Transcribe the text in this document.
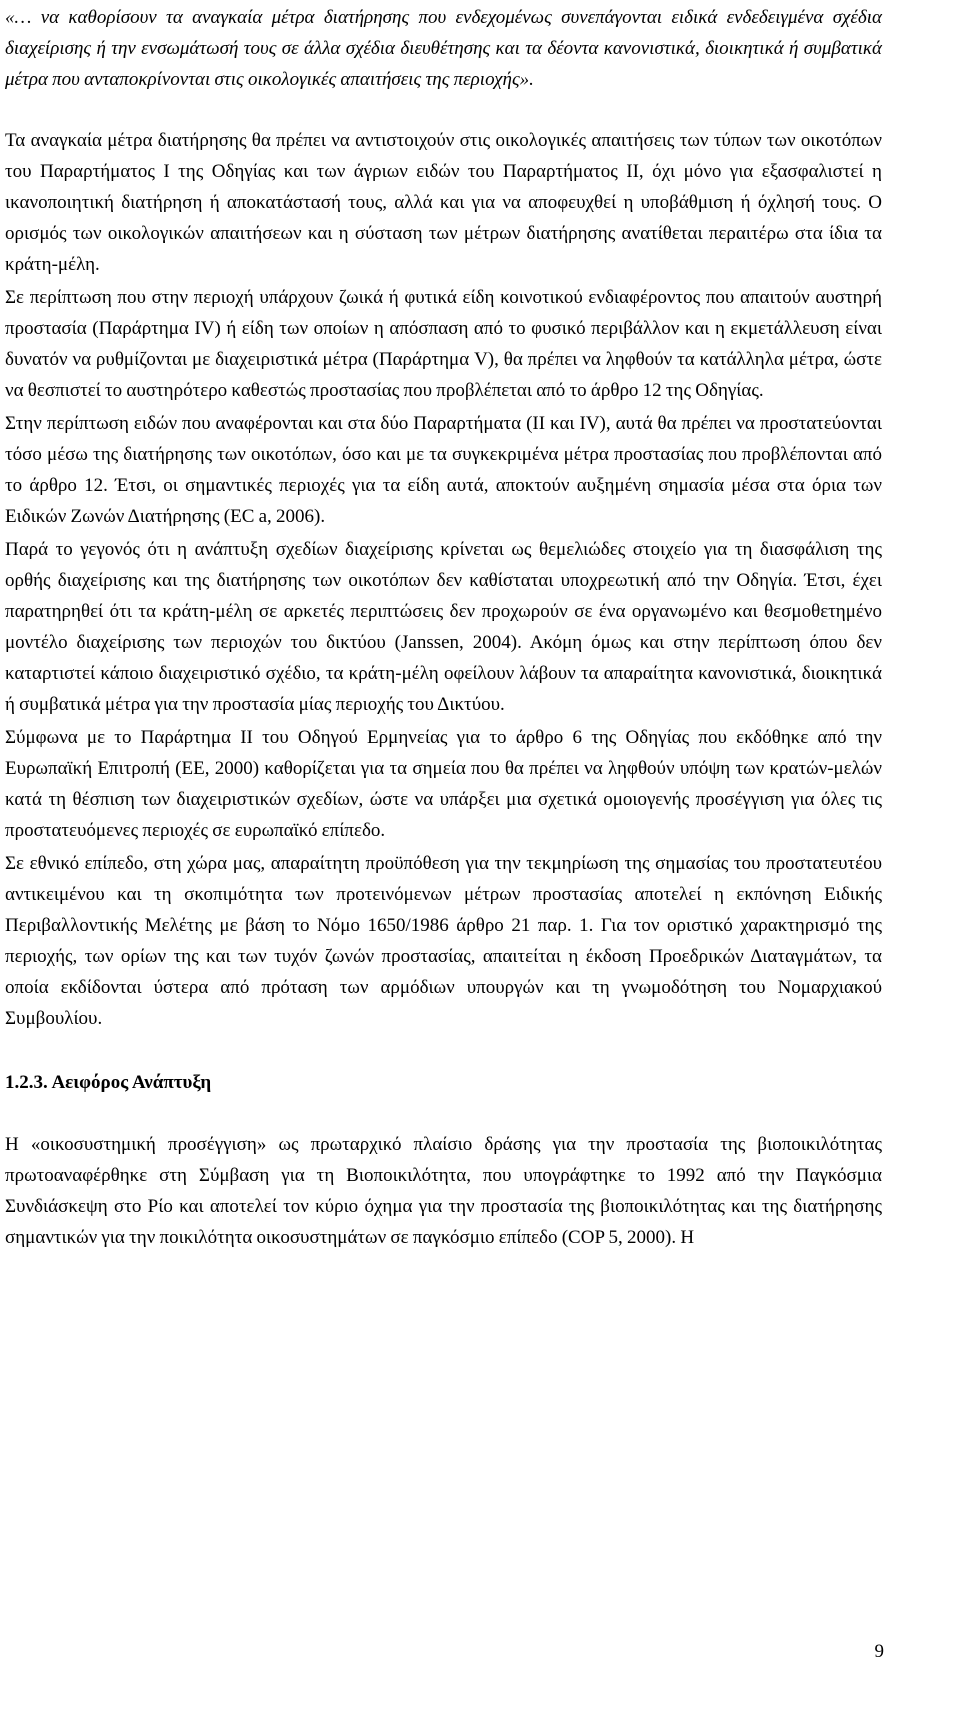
«… να καθορίσουν τα αναγκαία μέτρα διατήρησης που ενδεχομένως συνεπάγονται ειδικά ενδεδειγμένα σχέδια διαχείρισης ή την ενσωμάτωσή τους σε άλλα σχέδια διευθέτησης και τα δέοντα κανονιστικά, διοικητικά ή συμβατικά μέτρα που ανταποκρίνονται στις οικολογικές απαιτήσεις της περιοχής».

Τα αναγκαία μέτρα διατήρησης θα πρέπει να αντιστοιχούν στις οικολογικές απαιτήσεις των τύπων των οικοτόπων του Παραρτήματος I της Οδηγίας και των άγριων ειδών του Παραρτήματος II, όχι μόνο για εξασφαλιστεί η ικανοποιητική διατήρηση ή αποκατάστασή τους, αλλά και για να αποφευχθεί η υποβάθμιση ή όχλησή τους. Ο ορισμός των οικολογικών απαιτήσεων και η σύσταση των μέτρων διατήρησης ανατίθεται περαιτέρω στα ίδια τα κράτη-μέλη.

Σε περίπτωση που στην περιοχή υπάρχουν ζωικά ή φυτικά είδη κοινοτικού ενδιαφέροντος που απαιτούν αυστηρή προστασία (Παράρτημα IV) ή είδη των οποίων η απόσπαση από το φυσικό περιβάλλον και η εκμετάλλευση είναι δυνατόν να ρυθμίζονται με διαχειριστικά μέτρα (Παράρτημα V), θα πρέπει να ληφθούν τα κατάλληλα μέτρα, ώστε να θεσπιστεί το αυστηρότερο καθεστώς προστασίας που προβλέπεται από το άρθρο 12 της Οδηγίας.

Στην περίπτωση ειδών που αναφέρονται και στα δύο Παραρτήματα (II και IV), αυτά θα πρέπει να προστατεύονται τόσο μέσω της διατήρησης των οικοτόπων, όσο και με τα συγκεκριμένα μέτρα προστασίας που προβλέπονται από το άρθρο 12. Έτσι, οι σημαντικές περιοχές για τα είδη αυτά, αποκτούν αυξημένη σημασία μέσα στα όρια των Ειδικών Ζωνών Διατήρησης (EC a, 2006).

Παρά το γεγονός ότι η ανάπτυξη σχεδίων διαχείρισης κρίνεται ως θεμελιώδες στοιχείο για τη διασφάλιση της ορθής διαχείρισης και της διατήρησης των οικοτόπων δεν καθίσταται υποχρεωτική από την Οδηγία. Έτσι, έχει παρατηρηθεί ότι τα κράτη-μέλη σε αρκετές περιπτώσεις δεν προχωρούν σε ένα οργανωμένο και θεσμοθετημένο μοντέλο διαχείρισης των περιοχών του δικτύου (Janssen, 2004). Ακόμη όμως και στην περίπτωση όπου δεν καταρτιστεί κάποιο διαχειριστικό σχέδιο, τα κράτη-μέλη οφείλουν λάβουν τα απαραίτητα κανονιστικά, διοικητικά ή συμβατικά μέτρα για την προστασία μίας περιοχής του Δικτύου.

Σύμφωνα με το Παράρτημα ΙΙ του Οδηγού Ερμηνείας για το άρθρο 6 της Οδηγίας που εκδόθηκε από την Ευρωπαϊκή Επιτροπή (ΕΕ, 2000) καθορίζεται για τα σημεία που θα πρέπει να ληφθούν υπόψη των κρατών-μελών κατά τη θέσπιση των διαχειριστικών σχεδίων, ώστε να υπάρξει μια σχετικά ομοιογενής προσέγγιση για όλες τις προστατευόμενες περιοχές σε ευρωπαϊκό επίπεδο.

Σε εθνικό επίπεδο, στη χώρα μας, απαραίτητη προϋπόθεση για την τεκμηρίωση της σημασίας του προστατευτέου αντικειμένου και τη σκοπιμότητα των προτεινόμενων μέτρων προστασίας αποτελεί η εκπόνηση Ειδικής Περιβαλλοντικής Μελέτης με βάση το Νόμο 1650/1986 άρθρο 21 παρ. 1. Για τον οριστικό χαρακτηρισμό της περιοχής, των ορίων της και των τυχόν ζωνών προστασίας, απαιτείται η έκδοση Προεδρικών Διαταγμάτων, τα οποία εκδίδονται ύστερα από πρόταση των αρμόδιων υπουργών και τη γνωμοδότηση του Νομαρχιακού Συμβουλίου.

1.2.3. Αειφόρος Ανάπτυξη

Η «οικοσυστημική προσέγγιση» ως πρωταρχικό πλαίσιο δράσης για την προστασία της βιοποικιλότητας πρωτοαναφέρθηκε στη Σύμβαση για τη Βιοποικιλότητα, που υπογράφτηκε το 1992 από την Παγκόσμια Συνδιάσκεψη στο Ρίο και αποτελεί τον κύριο όχημα για την προστασία της βιοποικιλότητας και της διατήρησης σημαντικών για την ποικιλότητα οικοσυστημάτων σε παγκόσμιο επίπεδο (COP 5, 2000). Η

9
